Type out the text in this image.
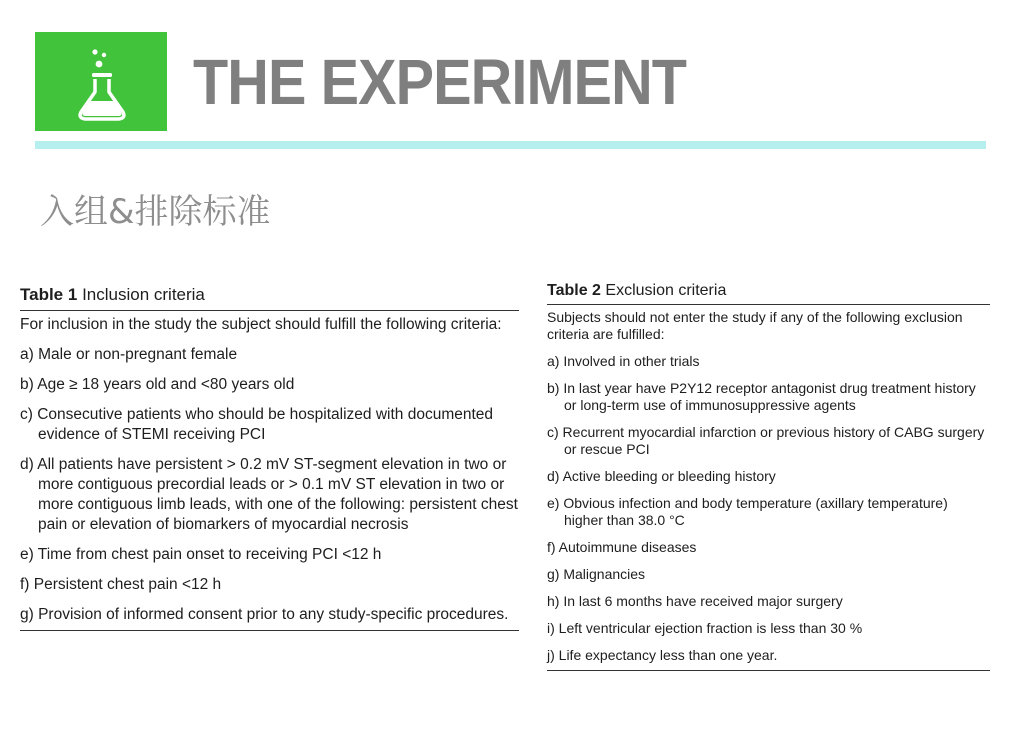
THE EXPERIMENT
入组&排除标准
Table 1 Inclusion criteria
For inclusion in the study the subject should fulfill the following criteria:
a) Male or non-pregnant female
b) Age ≥ 18 years old and <80 years old
c) Consecutive patients who should be hospitalized with documented evidence of STEMI receiving PCI
d) All patients have persistent > 0.2 mV ST-segment elevation in two or more contiguous precordial leads or > 0.1 mV ST elevation in two or more contiguous limb leads, with one of the following: persistent chest pain or elevation of biomarkers of myocardial necrosis
e) Time from chest pain onset to receiving PCI <12 h
f) Persistent chest pain <12 h
g) Provision of informed consent prior to any study-specific procedures.
Table 2 Exclusion criteria
Subjects should not enter the study if any of the following exclusion criteria are fulfilled:
a) Involved in other trials
b) In last year have P2Y12 receptor antagonist drug treatment history or long-term use of immunosuppressive agents
c) Recurrent myocardial infarction or previous history of CABG surgery or rescue PCI
d) Active bleeding or bleeding history
e) Obvious infection and body temperature (axillary temperature) higher than 38.0 °C
f) Autoimmune diseases
g) Malignancies
h) In last 6 months have received major surgery
i) Left ventricular ejection fraction is less than 30 %
j) Life expectancy less than one year.
